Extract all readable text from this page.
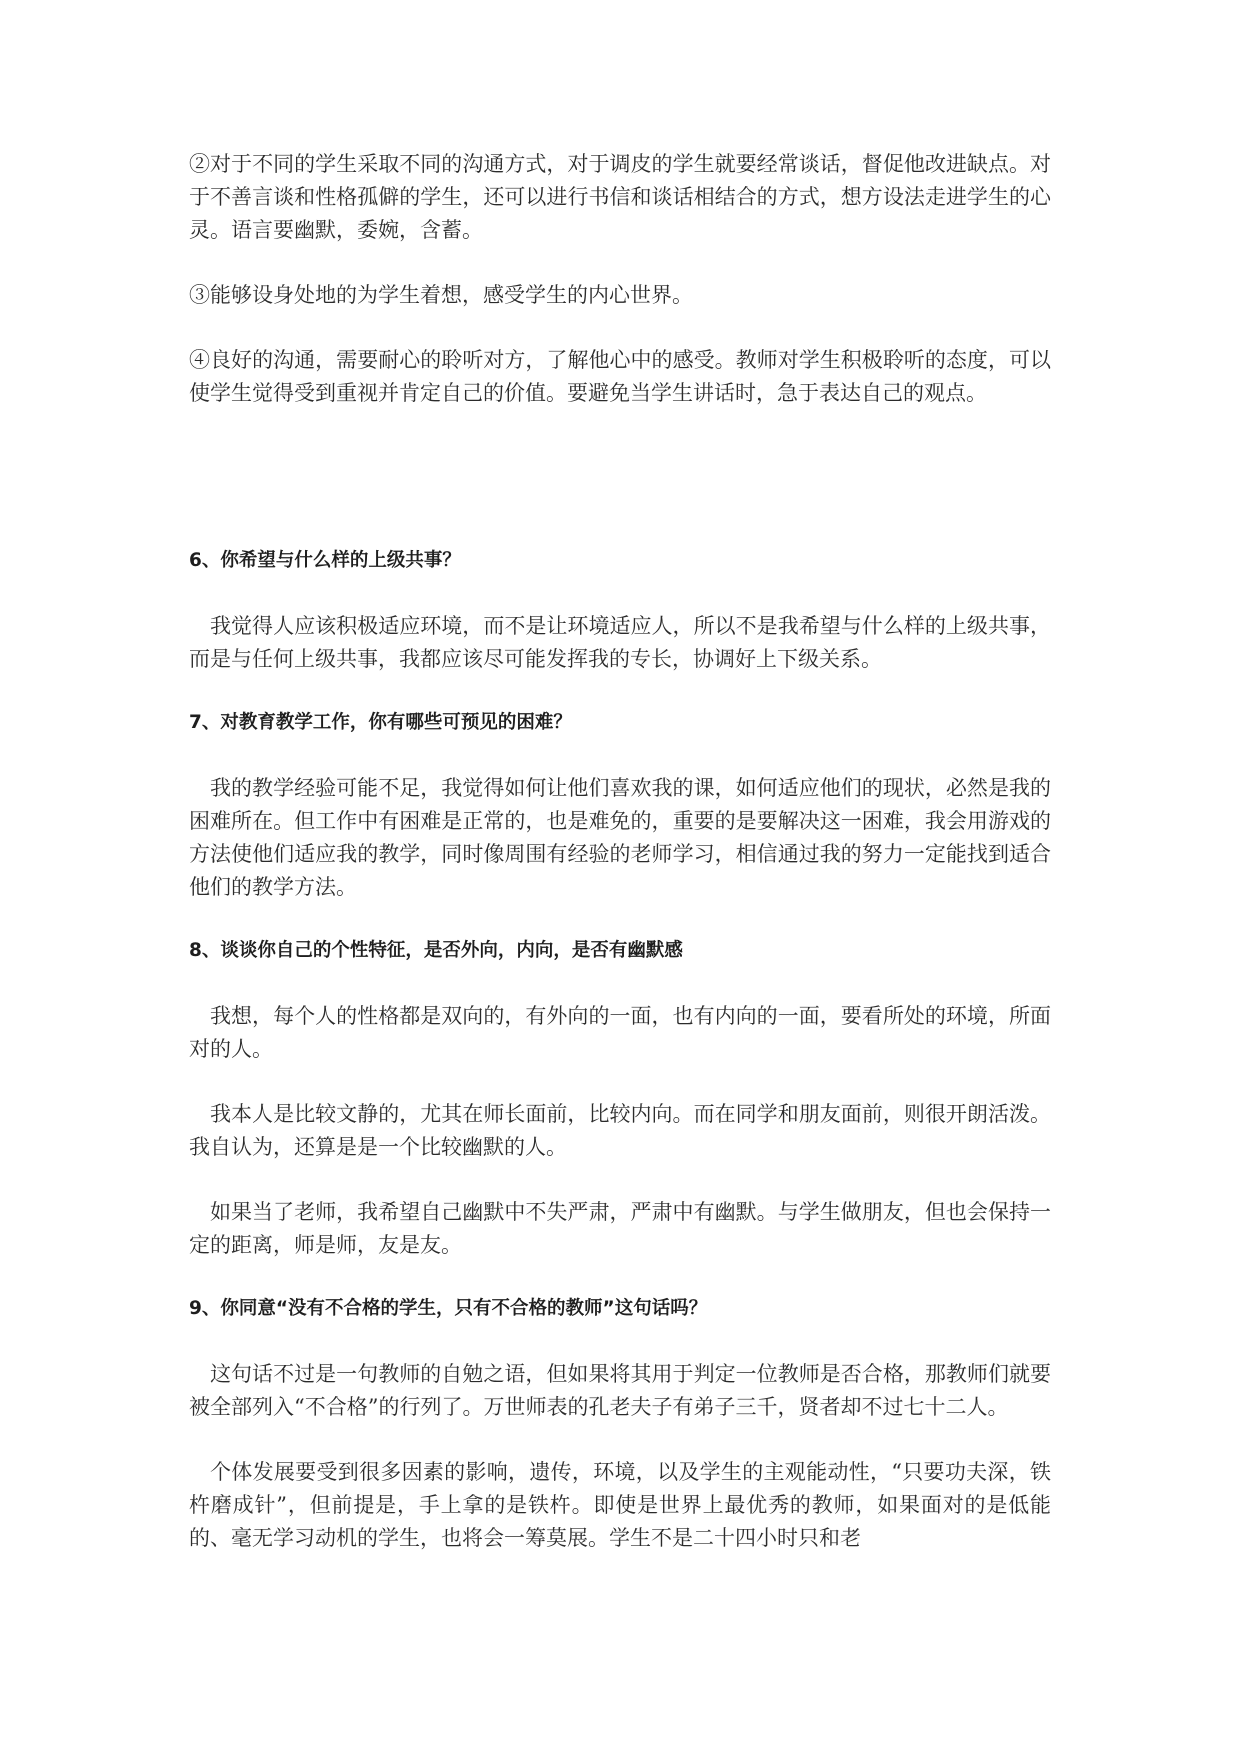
②对于不同的学生采取不同的沟通方式，对于调皮的学生就要经常谈话，督促他改进缺点。对于不善言谈和性格孤僻的学生，还可以进行书信和谈话相结合的方式，想方设法走进学生的心灵。语言要幽默，委婉，含蓄。

③能够设身处地的为学生着想，感受学生的内心世界。

④良好的沟通，需要耐心的聆听对方，了解他心中的感受。教师对学生积极聆听的态度，可以使学生觉得受到重视并肯定自己的价值。要避免当学生讲话时，急于表达自己的观点。

6、你希望与什么样的上级共事？

我觉得人应该积极适应环境，而不是让环境适应人，所以不是我希望与什么样的上级共事，而是与任何上级共事，我都应该尽可能发挥我的专长，协调好上下级关系。

7、对教育教学工作，你有哪些可预见的困难？

我的教学经验可能不足，我觉得如何让他们喜欢我的课，如何适应他们的现状，必然是我的困难所在。但工作中有困难是正常的，也是难免的，重要的是要解决这一困难，我会用游戏的方法使他们适应我的教学，同时像周围有经验的老师学习，相信通过我的努力一定能找到适合他们的教学方法。

8、谈谈你自己的个性特征，是否外向，内向，是否有幽默感

我想，每个人的性格都是双向的，有外向的一面，也有内向的一面，要看所处的环境，所面对的人。

我本人是比较文静的，尤其在师长面前，比较内向。而在同学和朋友面前，则很开朗活泼。我自认为，还算是是一个比较幽默的人。

如果当了老师，我希望自己幽默中不失严肃，严肃中有幽默。与学生做朋友，但也会保持一定的距离，师是师，友是友。

9、你同意“没有不合格的学生，只有不合格的教师”这句话吗？

这句话不过是一句教师的自勉之语，但如果将其用于判定一位教师是否合格，那教师们就要被全部列入“不合格”的行列了。万世师表的孔老夫子有弟子三千，贤者却不过七十二人。

个体发展要受到很多因素的影响，遗传，环境，以及学生的主观能动性，“只要功夫深，铁杵磨成针”，但前提是，手上拿的是铁杵。即使是世界上最优秀的教师，如果面对的是低能的、毫无学习动机的学生，也将会一筹莫展。学生不是二十四小时只和老
